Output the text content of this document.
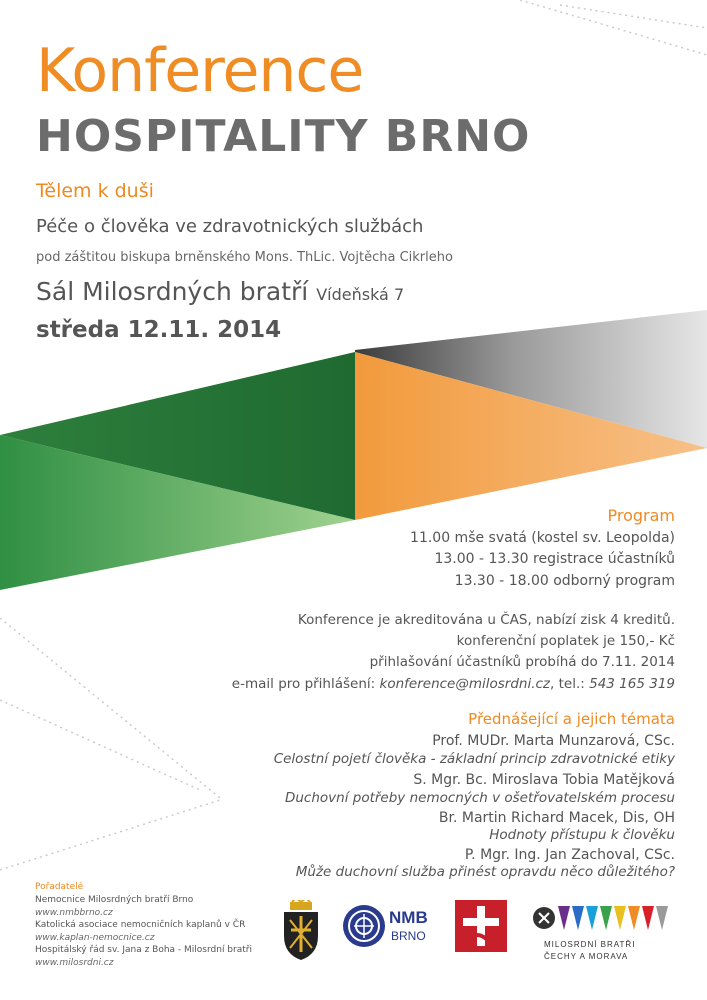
Konference
HOSPITALITY BRNO
Tělem k duši
Péče o člověka ve zdravotnických službách
pod záštitou biskupa brněnského Mons. ThLic. Vojtěcha Cikrleho
Sál Milosrdných bratří Vídeňská 7
středa 12.11. 2014
Program
11.00 mše svatá (kostel sv. Leopolda)
13.00 - 13.30 registrace účastníků
13.30 - 18.00 odborný program
Konference je akreditována u ČAS, nabízí zisk 4 kreditů.
konferenční poplatek je 150,- Kč
přihlašování účastníků probíhá do 7.11. 2014
e-mail pro přihlášení: konference@milosrdni.cz, tel.: 543 165 319
Přednášející a jejich témata
Prof. MUDr. Marta Munzarová, CSc.
Celostní pojetí člověka - základní princip zdravotnické etiky
S. Mgr. Bc. Miroslava Tobia Matějková
Duchovní potřeby nemocných v ošetřovatelském procesu
Br. Martin Richard Macek, Dis, OH
Hodnoty přístupu k člověku
P. Mgr. Ing. Jan Zachoval, CSc.
Může duchovní služba přinést opravdu něco důležitého?
Pořadatelé
Nemocnice Milosrdných bratří Brno
www.nmbbrno.cz
Katolická asociace nemocničních kaplanů v ČR
www.kaplan-nemocnice.cz
Hospitálský řád sv. Jana z Boha - Milosrdní bratři
www.milosrdni.cz
NMB
BRNO
MILOSRDNÍ BRATŘI
ČECHY A MORAVA
